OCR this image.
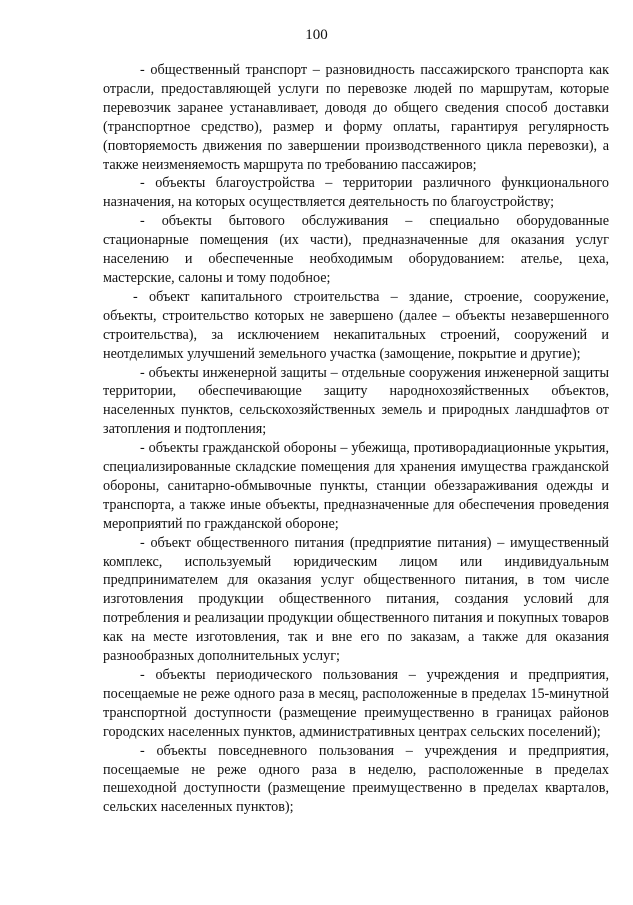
100

- общественный транспорт – разновидность пассажирского транспорта как отрасли, предоставляющей услуги по перевозке людей по маршрутам, которые перевозчик заранее устанавливает, доводя до общего сведения способ доставки (транспортное средство), размер и форму оплаты, гарантируя регулярность (повторяемость движения по завершении производственного цикла перевозки), а также неизменяемость маршрута по требованию пассажиров;

- объекты благоустройства – территории различного функционального назначения, на которых осуществляется деятельность по благоустройству;

- объекты бытового обслуживания – специально оборудованные стационарные помещения (их части), предназначенные для оказания услуг населению и обеспеченные необходимым оборудованием: ателье, цеха, мастерские, салоны и тому подобное;

- объект капитального строительства – здание, строение, сооружение, объекты, строительство которых не завершено (далее – объекты незавершенного строительства), за исключением некапитальных строений, сооружений и неотделимых улучшений земельного участка (замощение, покрытие и другие);

- объекты инженерной защиты – отдельные сооружения инженерной защиты территории, обеспечивающие защиту народнохозяйственных объектов, населенных пунктов, сельскохозяйственных земель и природных ландшафтов от затопления и подтопления;

- объекты гражданской обороны – убежища, противорадиационные укрытия, специализированные складские помещения для хранения имущества гражданской обороны, санитарно-обмывочные пункты, станции обеззараживания одежды и транспорта, а также иные объекты, предназначенные для обеспечения проведения мероприятий по гражданской обороне;

- объект общественного питания (предприятие питания) – имущественный комплекс, используемый юридическим лицом или индивидуальным предпринимателем для оказания услуг общественного питания, в том числе изготовления продукции общественного питания, создания условий для потребления и реализации продукции общественного питания и покупных товаров как на месте изготовления, так и вне его по заказам, а также для оказания разнообразных дополнительных услуг;

- объекты периодического пользования – учреждения и предприятия, посещаемые не реже одного раза в месяц, расположенные в пределах 15-минутной транспортной доступности (размещение преимущественно в границах районов городских населенных пунктов, административных центрах сельских поселений);

- объекты повседневного пользования – учреждения и предприятия, посещаемые не реже одного раза в неделю, расположенные в пределах пешеходной доступности (размещение преимущественно в пределах кварталов, сельских населенных пунктов);
